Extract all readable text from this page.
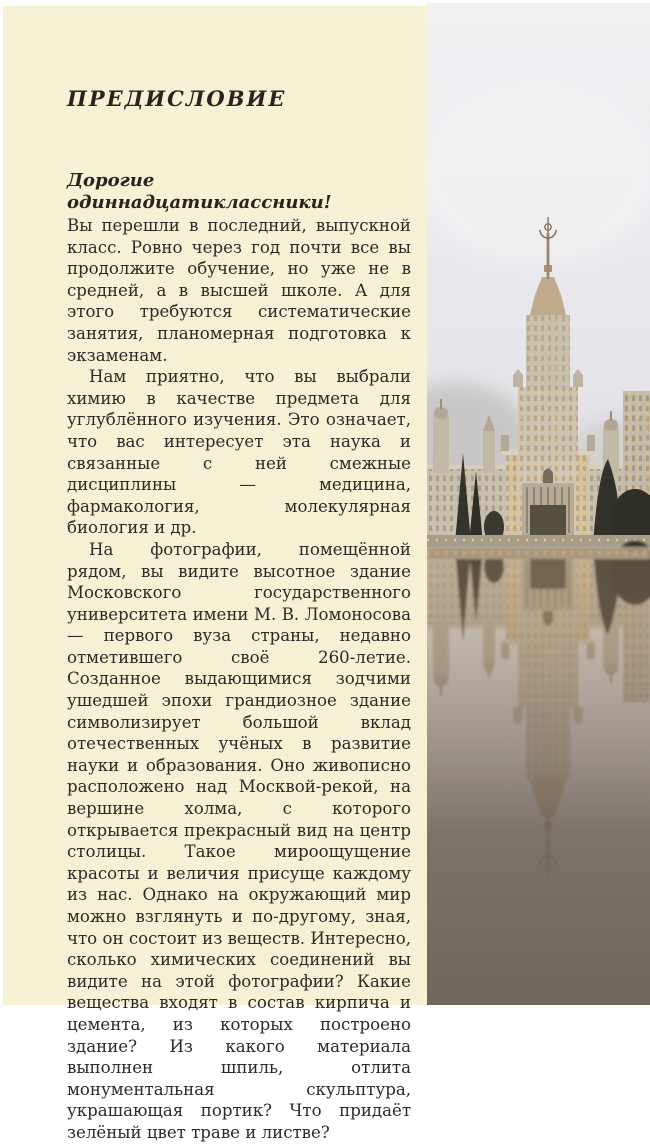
ПРЕДИСЛОВИЕ
Дорогие
одиннадцатиклассники!

Вы перешли в последний, выпускной класс. Ровно через год почти все вы продолжите обучение, но уже не в средней, а в высшей школе. А для этого требуются систематические занятия, планомерная подготовка к экзаменам.

Нам приятно, что вы выбрали химию в качестве предмета для углублённого изучения. Это означает, что вас интересует эта наука и связанные с ней смежные дисциплины — медицина, фармакология, молекулярная биология и др.

На фотографии, помещённой рядом, вы видите высотное здание Московского государственного университета имени М. В. Ломоносова — первого вуза страны, недавно отметившего своё 260-летие. Созданное выдающимися зодчими ушедшей эпохи грандиозное здание символизирует большой вклад отечественных учёных в развитие науки и образования. Оно живописно расположено над Москвой-рекой, на вершине холма, с которого открывается прекрасный вид на центр столицы. Такое мироощущение красоты и величия присуще каждому из нас. Однако на окружающий мир можно взглянуть и по-другому, зная, что он состоит из веществ. Интересно, сколько химических соединений вы видите на этой фотографии? Какие вещества входят в состав кирпича и цемента, из которых построено здание? Из какого материала выполнен шпиль, отлита монументальная скульптура, украшающая портик? Что придаёт зелёный цвет траве и листве?
